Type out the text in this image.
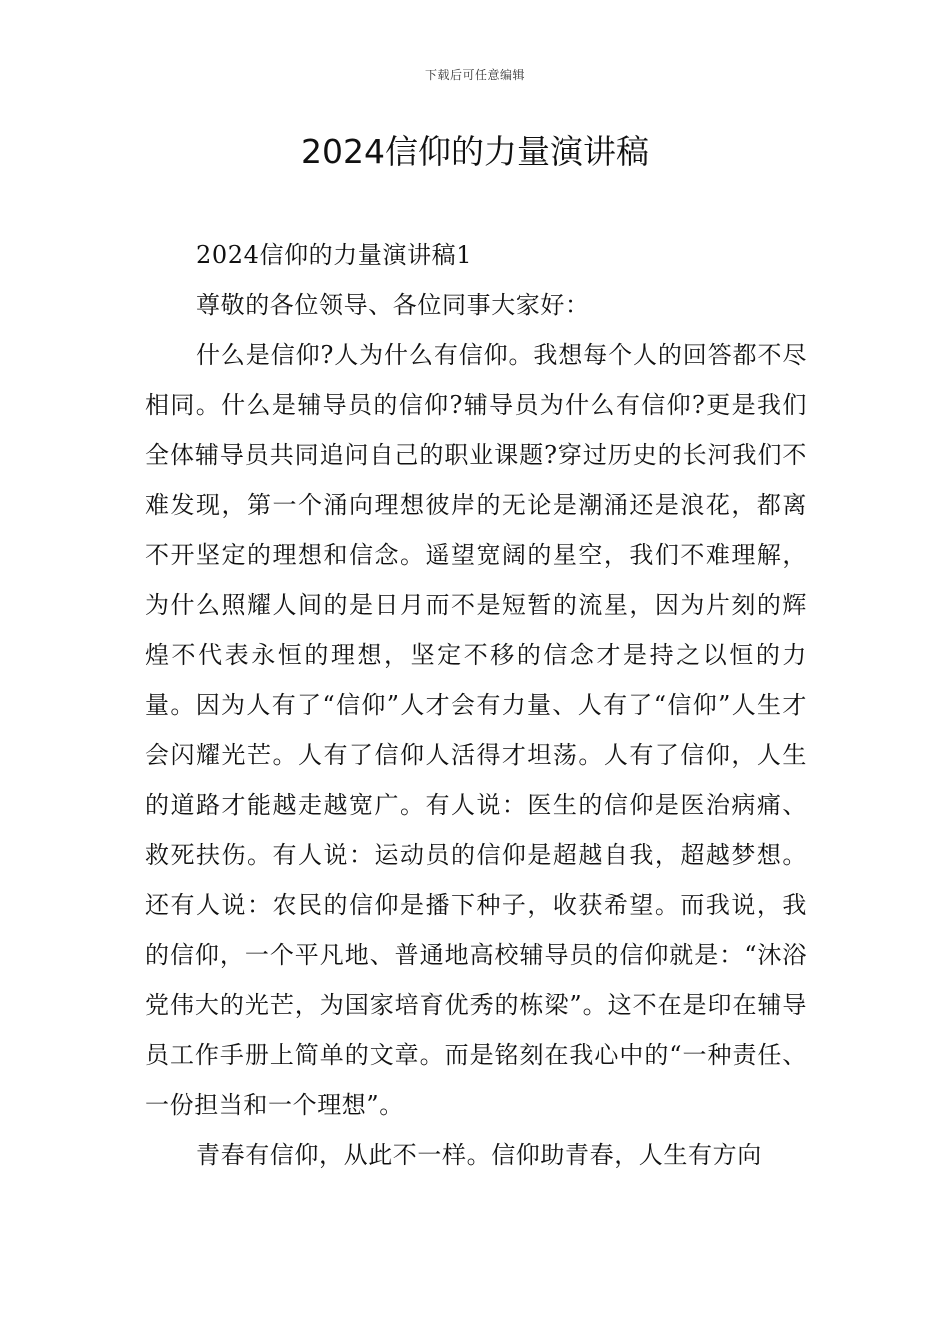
下载后可任意编辑
2024信仰的力量演讲稿

2024信仰的力量演讲稿1

尊敬的各位领导、各位同事大家好：

什么是信仰?人为什么有信仰。我想每个人的回答都不尽相同。什么是辅导员的信仰?辅导员为什么有信仰?更是我们全体辅导员共同追问自己的职业课题?穿过历史的长河我们不难发现，第一个涌向理想彼岸的无论是潮涌还是浪花，都离不开坚定的理想和信念。遥望宽阔的星空，我们不难理解，为什么照耀人间的是日月而不是短暂的流星，因为片刻的辉煌不代表永恒的理想，坚定不移的信念才是持之以恒的力量。因为人有了“信仰”人才会有力量、人有了“信仰”人生才会闪耀光芒。人有了信仰人活得才坦荡。人有了信仰，人生的道路才能越走越宽广。有人说：医生的信仰是医治病痛、救死扶伤。有人说：运动员的信仰是超越自我，超越梦想。还有人说：农民的信仰是播下种子，收获希望。而我说，我的信仰，一个平凡地、普通地高校辅导员的信仰就是：“沐浴党伟大的光芒，为国家培育优秀的栋梁”。这不在是印在辅导员工作手册上简单的文章。而是铭刻在我心中的“一种责任、一份担当和一个理想”。

青春有信仰，从此不一样。信仰助青春，人生有方向
